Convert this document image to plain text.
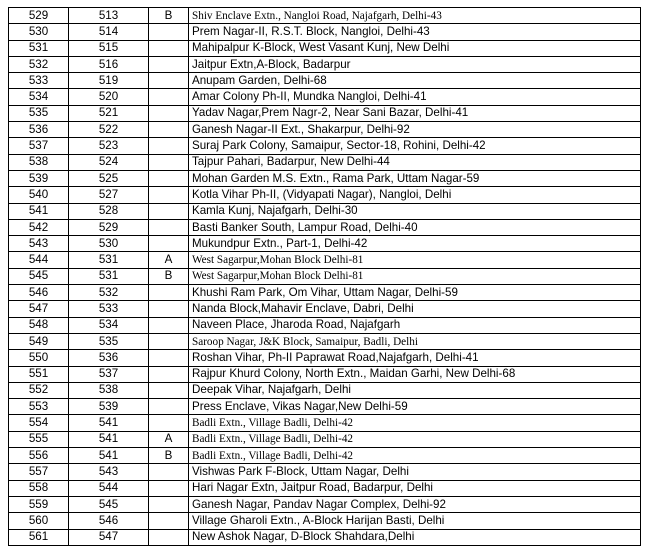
529	513	B	Shiv Enclave Extn., Nangloi Road, Najafgarh, Delhi-43
530	514		Prem Nagar-II, R.S.T. Block, Nangloi, Delhi-43
531	515		Mahipalpur K-Block, West Vasant Kunj, New Delhi
532	516		Jaitpur Extn,A-Block, Badarpur
533	519		Anupam Garden, Delhi-68
534	520		Amar Colony Ph-II, Mundka Nangloi, Delhi-41
535	521		Yadav Nagar,Prem Nagr-2, Near Sani Bazar, Delhi-41
536	522		Ganesh Nagar-II Ext., Shakarpur, Delhi-92
537	523		Suraj Park Colony, Samaipur, Sector-18, Rohini, Delhi-42
538	524		Tajpur Pahari, Badarpur, New Delhi-44
539	525		Mohan Garden M.S. Extn., Rama Park, Uttam Nagar-59
540	527		Kotla Vihar Ph-II, (Vidyapati Nagar), Nangloi, Delhi
541	528		Kamla Kunj, Najafgarh, Delhi-30
542	529		Basti Banker South, Lampur Road, Delhi-40
543	530		Mukundpur Extn., Part-1, Delhi-42
544	531	A	West Sagarpur,Mohan Block Delhi-81
545	531	B	West Sagarpur,Mohan Block Delhi-81
546	532		Khushi Ram Park, Om Vihar, Uttam Nagar, Delhi-59
547	533		Nanda Block,Mahavir Enclave, Dabri, Delhi
548	534		Naveen Place, Jharoda Road, Najafgarh
549	535		Saroop Nagar, J&K Block, Samaipur, Badli, Delhi
550	536		Roshan Vihar, Ph-II Paprawat Road,Najafgarh, Delhi-41
551	537		Rajpur Khurd Colony, North Extn., Maidan Garhi, New Delhi-68
552	538		Deepak Vihar, Najafgarh, Delhi
553	539		Press Enclave, Vikas Nagar,New Delhi-59
554	541		Badli Extn., Village Badli, Delhi-42
555	541	A	Badli Extn., Village Badli, Delhi-42
556	541	B	Badli Extn., Village Badli, Delhi-42
557	543		Vishwas Park F-Block, Uttam Nagar, Delhi
558	544		Hari Nagar Extn, Jaitpur Road, Badarpur, Delhi
559	545		Ganesh Nagar, Pandav Nagar Complex, Delhi-92
560	546		Village Gharoli Extn., A-Block Harijan Basti, Delhi
561	547		New Ashok Nagar, D-Block Shahdara,Delhi
